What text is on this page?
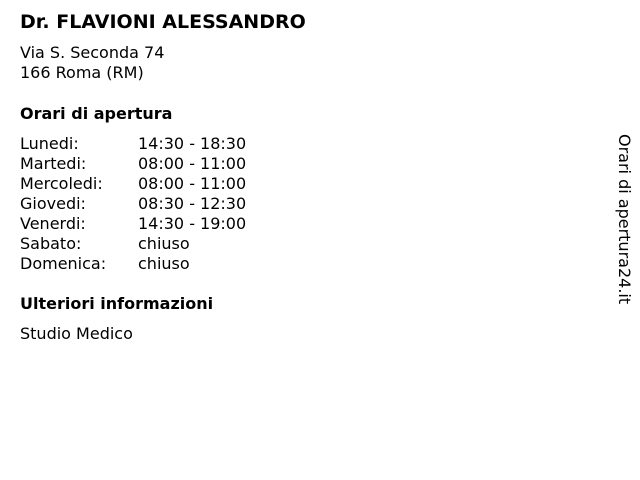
Dr. FLAVIONI ALESSANDRO
Via S. Seconda 74
166 Roma (RM)
Orari di apertura
Lunedi:	14:30 - 18:30
Martedi:	08:00 - 11:00
Mercoledi: 08:00 - 11:00
Giovedi:	08:30 - 12:30
Venerdi:	14:30 - 19:00
Sabato:	chiuso
Domenica: chiuso
Ulteriori informazioni
Studio Medico
Orari di apertura24.it
